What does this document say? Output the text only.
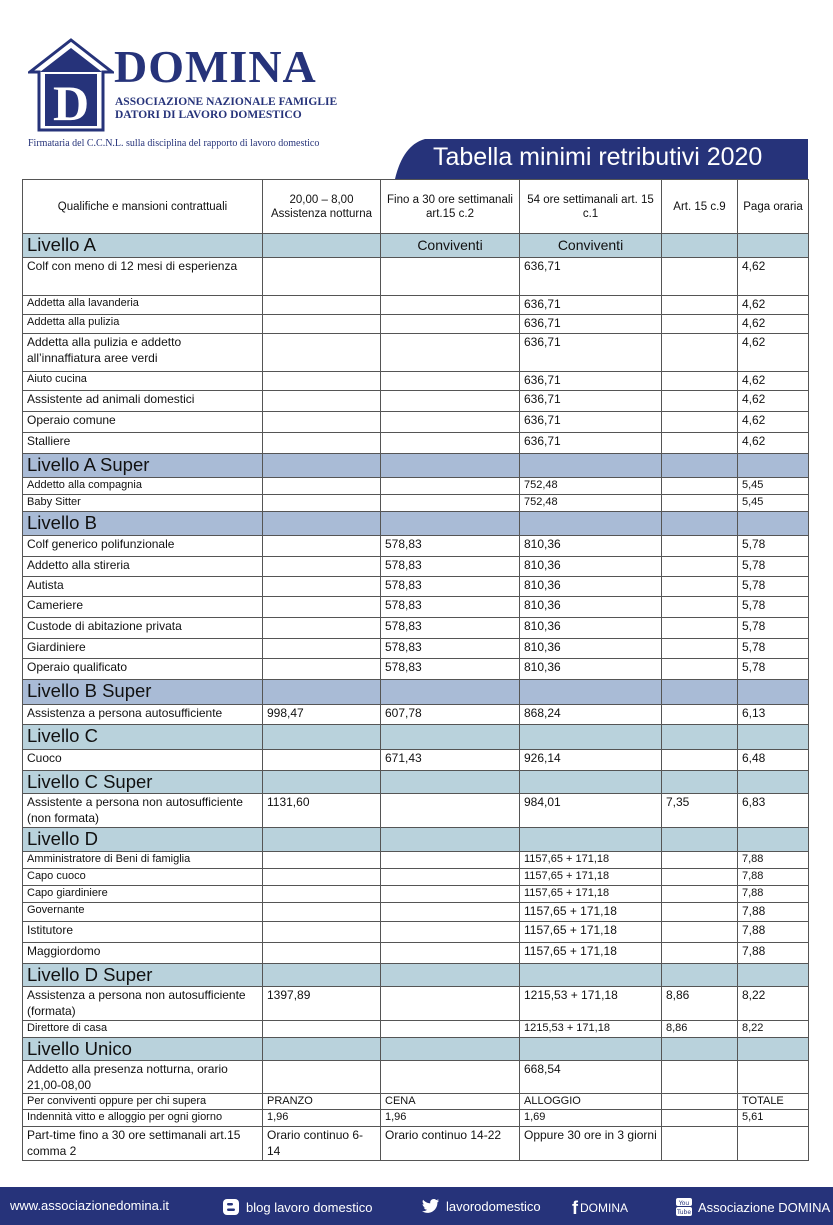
D
DOMINA
ASSOCIAZIONE NAZIONALE FAMIGLIE
DATORI DI LAVORO DOMESTICO
Firmataria del C.C.N.L. sulla disciplina del rapporto di lavoro domestico	Tabella minimi retributivi 2020
Qualifiche e mansioni contrattuali	20,00 – 8,00 Assistenza notturna	Fino a 30 ore settimanali art.15 c.2	54 ore settimanali art. 15 c.1	Art. 15 c.9	Paga oraria
Livello A		Conviventi	Conviventi		
Colf con meno di 12 mesi di esperienza			636,71		4,62
Addetta alla lavanderia			636,71		4,62
Addetta alla pulizia			636,71		4,62
Addetta alla pulizia e addetto all’innaffiatura aree verdi			636,71		4,62
Aiuto cucina			636,71		4,62
Assistente ad animali domestici			636,71		4,62
Operaio comune			636,71		4,62
Stalliere			636,71		4,62
Livello A Super					
Addetto alla compagnia			752,48		5,45
Baby Sitter			752,48		5,45
Livello B					
Colf generico polifunzionale		578,83	810,36		5,78
Addetto alla stireria		578,83	810,36		5,78
Autista		578,83	810,36		5,78
Cameriere		578,83	810,36		5,78
Custode di abitazione privata		578,83	810,36		5,78
Giardiniere		578,83	810,36		5,78
Operaio qualificato		578,83	810,36		5,78
Livello B Super					
Assistenza a persona autosufficiente	998,47	607,78	868,24		6,13
Livello C					
Cuoco		671,43	926,14		6,48
Livello C Super					
Assistente a persona non autosufficiente (non formata)	1131,60		984,01	7,35	6,83
Livello D					
Amministratore di Beni di famiglia			1157,65 + 171,18		7,88
Capo cuoco			1157,65 + 171,18		7,88
Capo giardiniere			1157,65 + 171,18		7,88
Governante			1157,65 + 171,18		7,88
Istitutore			1157,65 + 171,18		7,88
Maggiordomo			1157,65 + 171,18		7,88
Livello D Super					
Assistenza a persona non autosufficiente (formata)	1397,89		1215,53 + 171,18	8,86	8,22
Direttore di casa			1215,53 + 171,18	8,86	8,22
Livello Unico					
Addetto alla presenza notturna, orario 21,00-08,00			668,54		
Per conviventi oppure per chi supera	PRANZO	CENA	ALLOGGIO		TOTALE
Indennità vitto e alloggio per ogni giorno	1,96	1,96	1,69		5,61
Part-time fino a 30 ore settimanali art.15 comma 2	Orario continuo 6-14	Orario continuo 14-22	Oppure 30 ore in 3 giorni		
www.associazionedomina.it	blog lavoro domestico	lavorodomestico fDOMINA	You
Tube Associazione DOMINA
